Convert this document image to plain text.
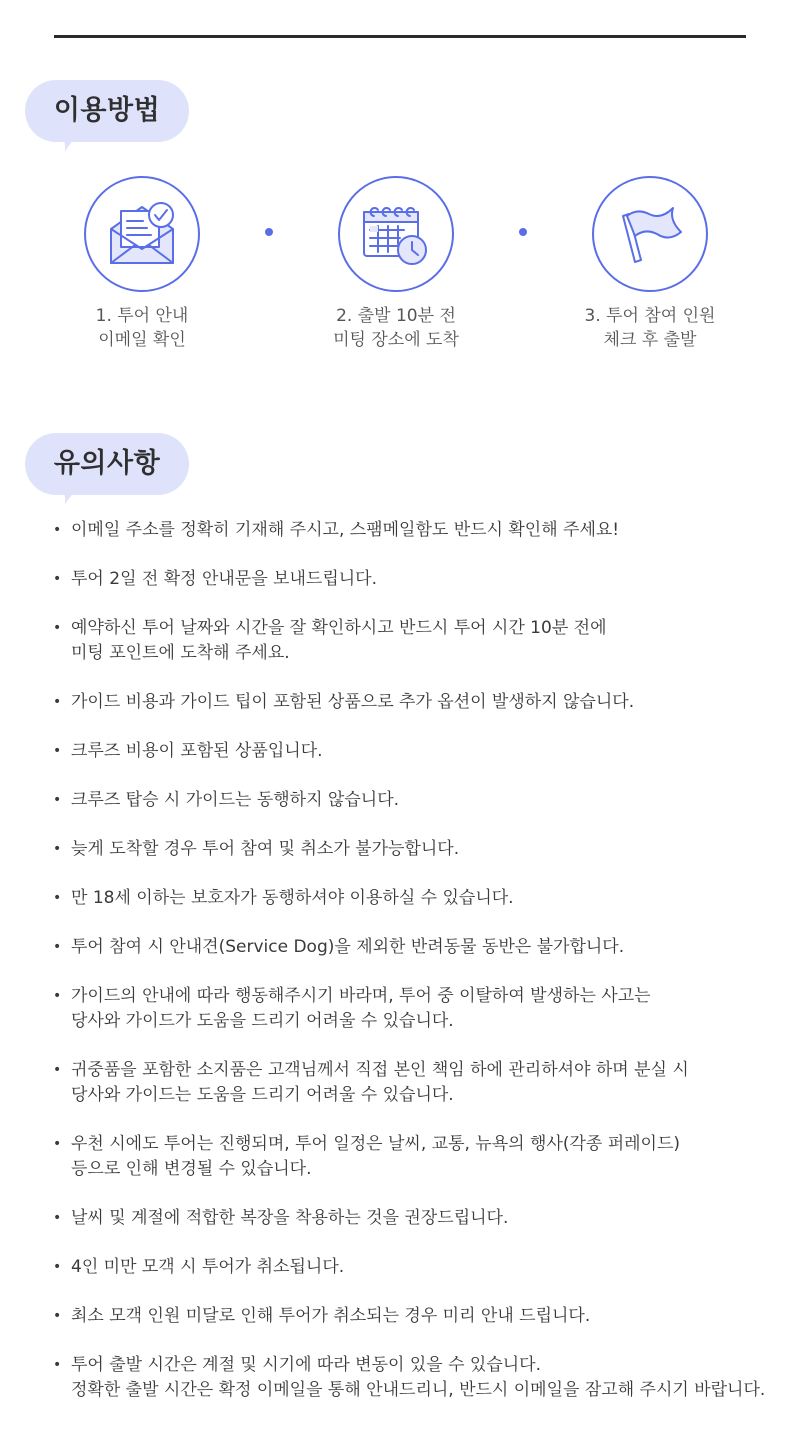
이용방법
1. 투어 안내
이메일 확인
2. 출발 10분 전
미팅 장소에 도착
3. 투어 참여 인원
체크 후 출발
유의사항
• 이메일 주소를 정확히 기재해 주시고, 스팸메일함도 반드시 확인해 주세요!
• 투어 2일 전 확정 안내문을 보내드립니다.
• 예약하신 투어 날짜와 시간을 잘 확인하시고 반드시 투어 시간 10분 전에
미팅 포인트에 도착해 주세요.
• 가이드 비용과 가이드 팁이 포함된 상품으로 추가 옵션이 발생하지 않습니다.
• 크루즈 비용이 포함된 상품입니다.
• 크루즈 탑승 시 가이드는 동행하지 않습니다.
• 늦게 도착할 경우 투어 참여 및 취소가 불가능합니다.
• 만 18세 이하는 보호자가 동행하셔야 이용하실 수 있습니다.
• 투어 참여 시 안내견(Service Dog)을 제외한 반려동물 동반은 불가합니다.
• 가이드의 안내에 따라 행동해주시기 바라며, 투어 중 이탈하여 발생하는 사고는
당사와 가이드가 도움을 드리기 어려울 수 있습니다.
• 귀중품을 포함한 소지품은 고객님께서 직접 본인 책임 하에 관리하셔야 하며 분실 시
당사와 가이드는 도움을 드리기 어려울 수 있습니다.
• 우천 시에도 투어는 진행되며, 투어 일정은 날씨, 교통, 뉴욕의 행사(각종 퍼레이드)
등으로 인해 변경될 수 있습니다.
• 날씨 및 계절에 적합한 복장을 착용하는 것을 권장드립니다.
• 4인 미만 모객 시 투어가 취소됩니다.
• 최소 모객 인원 미달로 인해 투어가 취소되는 경우 미리 안내 드립니다.
• 투어 출발 시간은 계절 및 시기에 따라 변동이 있을 수 있습니다.
정확한 출발 시간은 확정 이메일을 통해 안내드리니, 반드시 이메일을 잠고해 주시기 바랍니다.
